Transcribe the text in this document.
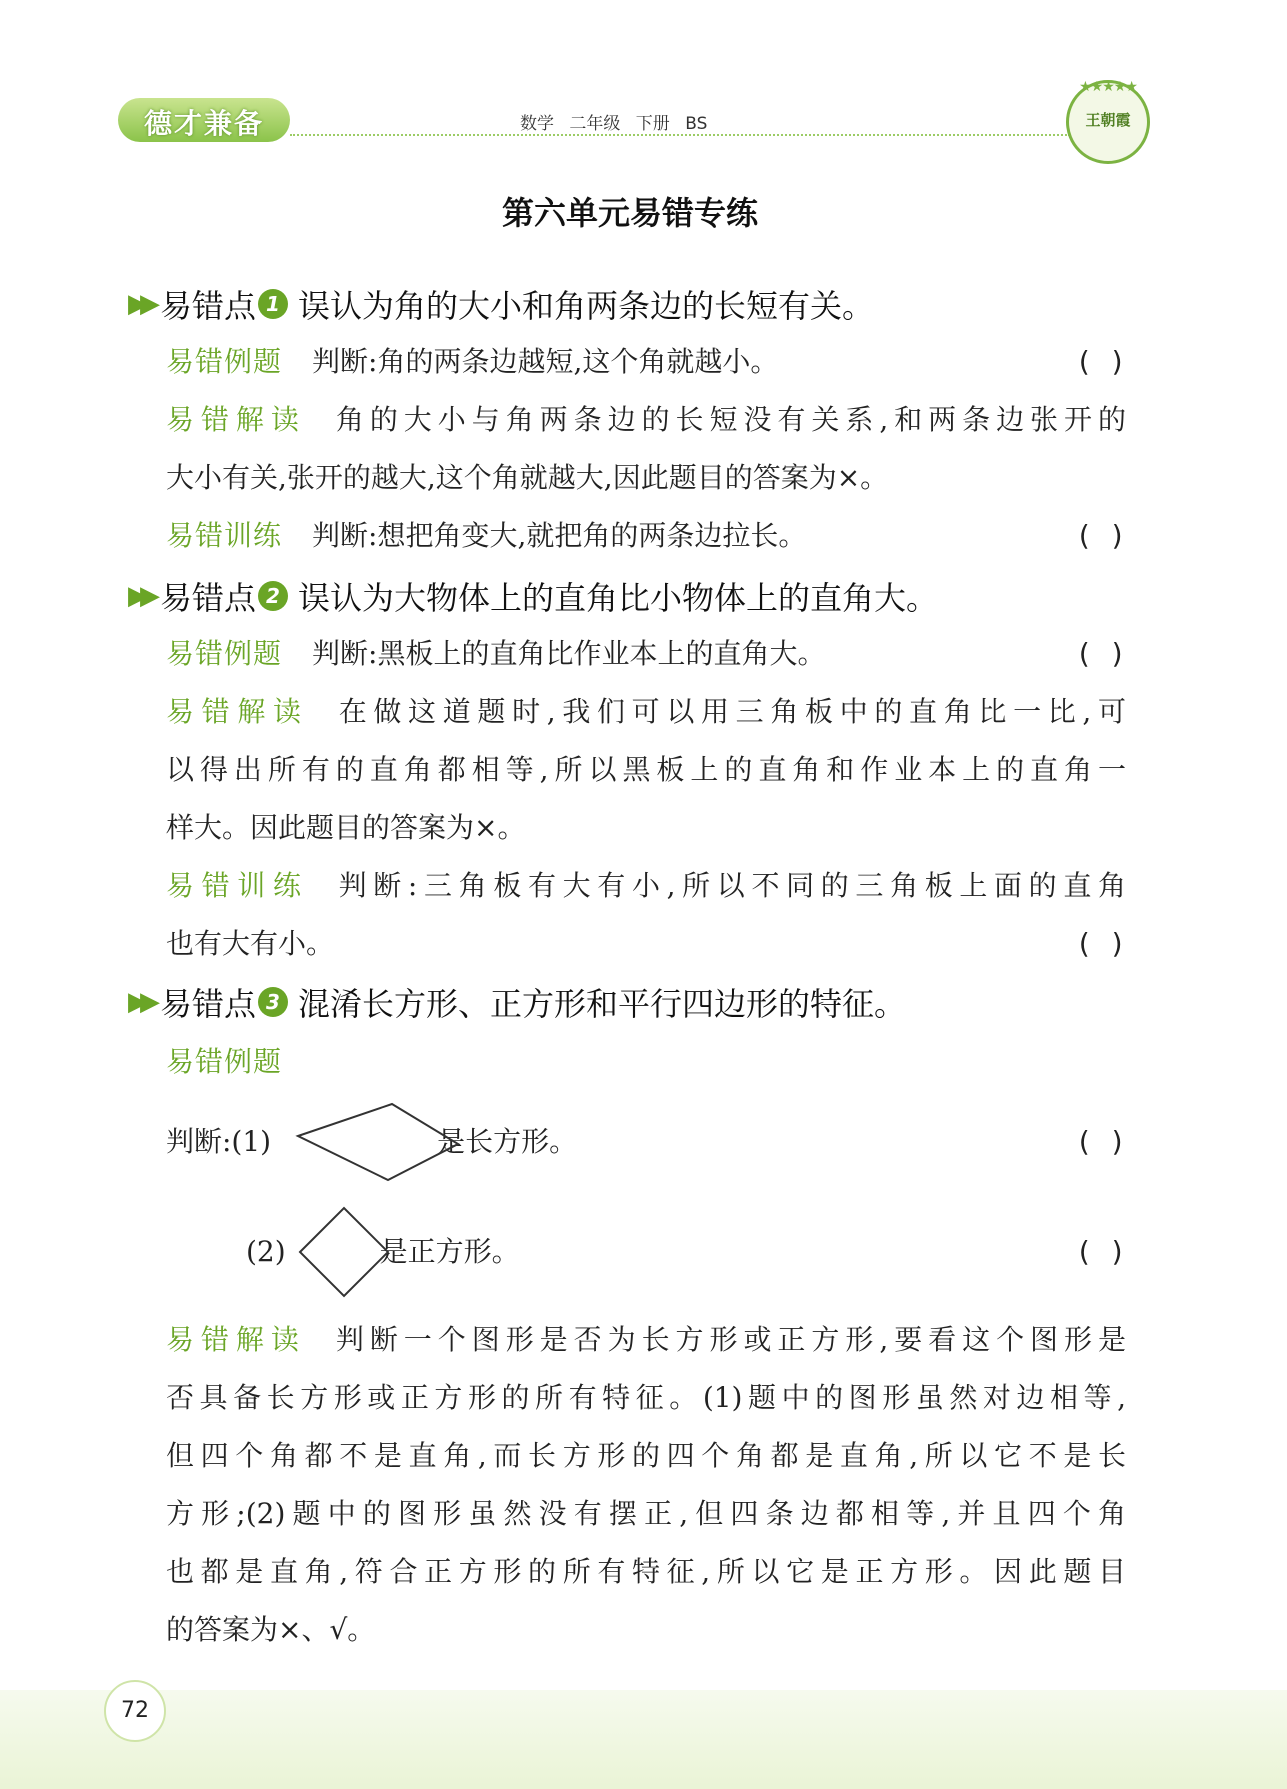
德才兼备	数学 二年级 下册 BS
★★★★★
王朝霞
第六单元易错专练
▶▶ 易错点 1 误认为角的大小和角两条边的长短有关。
易错例题 判断:角的两条边越短,这个角就越小。	( )
易错解读 角的大小与角两条边的长短没有关系,和两条边张开的
大小有关,张开的越大,这个角就越大,因此题目的答案为×。
易错训练 判断:想把角变大,就把角的两条边拉长。	( )
▶▶ 易错点 2 误认为大物体上的直角比小物体上的直角大。
易错例题 判断:黑板上的直角比作业本上的直角大。	( )
易错解读 在做这道题时,我们可以用三角板中的直角比一比,可
以得出所有的直角都相等,所以黑板上的直角和作业本上的直角一
样大。因此题目的答案为×。
易错训练 判断:三角板有大有小,所以不同的三角板上面的直角
也有大有小。	( )
▶▶ 易错点 3 混淆长方形、正方形和平行四边形的特征。
易错例题
判断:(1)	是长方形。	( )
(2)	是正方形。	( )
易错解读 判断一个图形是否为长方形或正方形,要看这个图形是
否具备长方形或正方形的所有特征。(1)题中的图形虽然对边相等,
但四个角都不是直角,而长方形的四个角都是直角,所以它不是长
方形;(2)题中的图形虽然没有摆正,但四条边都相等,并且四个角
也都是直角,符合正方形的所有特征,所以它是正方形。因此题目
的答案为×、√。
72
